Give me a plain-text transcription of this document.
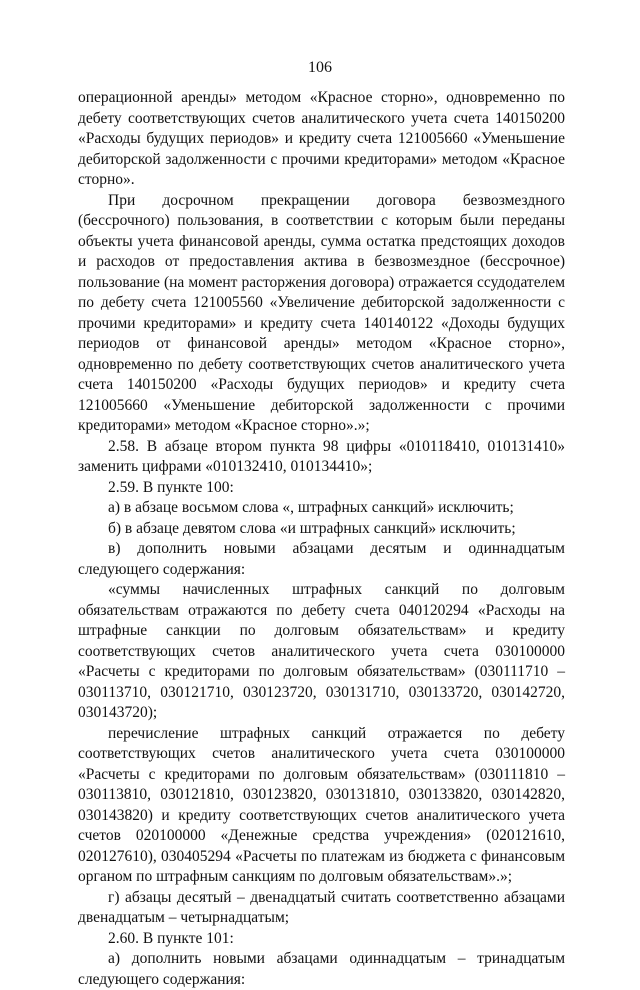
106

операционной аренды» методом «Красное сторно», одновременно по дебету соответствующих счетов аналитического учета счета 140150200 «Расходы будущих периодов» и кредиту счета 121005660 «Уменьшение дебиторской задолженности с прочими кредиторами» методом «Красное сторно».

При досрочном прекращении договора безвозмездного (бессрочного) пользования, в соответствии с которым были переданы объекты учета финансовой аренды, сумма остатка предстоящих доходов и расходов от предоставления актива в безвозмездное (бессрочное) пользование (на момент расторжения договора) отражается ссудодателем по дебету счета 121005560 «Увеличение дебиторской задолженности с прочими кредиторами» и кредиту счета 140140122 «Доходы будущих периодов от финансовой аренды» методом «Красное сторно», одновременно по дебету соответствующих счетов аналитического учета счета 140150200 «Расходы будущих периодов» и кредиту счета 121005660 «Уменьшение дебиторской задолженности с прочими кредиторами» методом «Красное сторно».»;

2.58. В абзаце втором пункта 98 цифры «010118410, 010131410» заменить цифрами «010132410, 010134410»;

2.59. В пункте 100:

а) в абзаце восьмом слова «, штрафных санкций» исключить;

б) в абзаце девятом слова «и штрафных санкций» исключить;

в) дополнить новыми абзацами десятым и одиннадцатым следующего содержания:

«суммы начисленных штрафных санкций по долговым обязательствам отражаются по дебету счета 040120294 «Расходы на штрафные санкции по долговым обязательствам» и кредиту соответствующих счетов аналитического учета счета 030100000 «Расчеты с кредиторами по долговым обязательствам» (030111710 – 030113710, 030121710, 030123720, 030131710, 030133720, 030142720, 030143720);

перечисление штрафных санкций отражается по дебету соответствующих счетов аналитического учета счета 030100000 «Расчеты с кредиторами по долговым обязательствам» (030111810 – 030113810, 030121810, 030123820, 030131810, 030133820, 030142820, 030143820) и кредиту соответствующих счетов аналитического учета счетов 020100000 «Денежные средства учреждения» (020121610, 020127610), 030405294 «Расчеты по платежам из бюджета с финансовым органом по штрафным санкциям по долговым обязательствам».»;

г) абзацы десятый – двенадцатый считать соответственно абзацами двенадцатым – четырнадцатым;

2.60. В пункте 101:

а) дополнить новыми абзацами одиннадцатым – тринадцатым следующего содержания:
